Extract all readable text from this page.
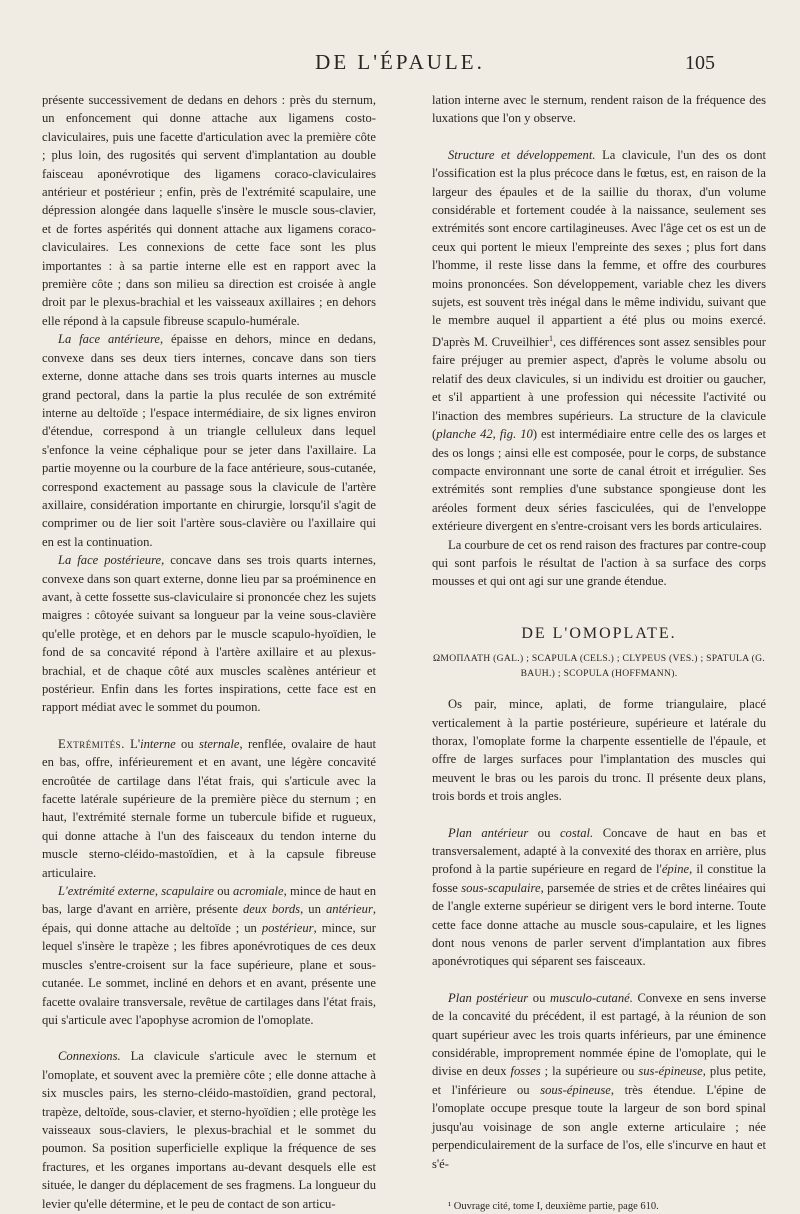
DE L'ÉPAULE.	105

présente successivement de dedans en dehors : près du sternum, un enfoncement qui donne attache aux ligamens costo-claviculaires, puis une facette d'articulation avec la première côte ; plus loin, des rugosités qui servent d'implantation au double faisceau aponévrotique des ligamens coraco-claviculaires antérieur et postérieur ; enfin, près de l'extrémité scapulaire, une dépression alongée dans laquelle s'insère le muscle sous-clavier, et de fortes aspérités qui donnent attache aux ligamens coraco-claviculaires. Les connexions de cette face sont les plus importantes : à sa partie interne elle est en rapport avec la première côte ; dans son milieu sa direction est croisée à angle droit par le plexus-brachial et les vaisseaux axillaires ; en dehors elle répond à la capsule fibreuse scapulo-humérale.

La face antérieure, épaisse en dehors, mince en dedans, convexe dans ses deux tiers internes, concave dans son tiers externe, donne attache dans ses trois quarts internes au muscle grand pectoral, dans la partie la plus reculée de son extrémité interne au deltoïde ; l'espace intermédiaire, de six lignes environ d'étendue, correspond à un triangle celluleux dans lequel s'enfonce la veine céphalique pour se jeter dans l'axillaire. La partie moyenne ou la courbure de la face antérieure, sous-cutanée, correspond exactement au passage sous la clavicule de l'artère axillaire, considération importante en chirurgie, lorsqu'il s'agit de comprimer ou de lier soit l'artère sous-clavière ou l'axillaire qui en est la continuation.

La face postérieure, concave dans ses trois quarts internes, convexe dans son quart externe, donne lieu par sa proéminence en avant, à cette fossette sus-claviculaire si prononcée chez les sujets maigres : côtoyée suivant sa longueur par la veine sous-clavière qu'elle protège, et en dehors par le muscle scapulo-hyoïdien, le fond de sa concavité répond à l'artère axillaire et au plexus-brachial, et de chaque côté aux muscles scalènes antérieur et postérieur. Enfin dans les fortes inspirations, cette face est en rapport médiat avec le sommet du poumon.

Extrémités. L'interne ou sternale, renflée, ovalaire de haut en bas, offre, inférieurement et en avant, une légère concavité encroûtée de cartilage dans l'état frais, qui s'articule avec la facette latérale supérieure de la première pièce du sternum ; en haut, l'extrémité sternale forme un tubercule bifide et rugueux, qui donne attache à l'un des faisceaux du tendon interne du muscle sterno-cléido-mastoïdien, et à la capsule fibreuse articulaire.

L'extrémité externe, scapulaire ou acromiale, mince de haut en bas, large d'avant en arrière, présente deux bords, un antérieur, épais, qui donne attache au deltoïde ; un postérieur, mince, sur lequel s'insère le trapèze ; les fibres aponévrotiques de ces deux muscles s'entre-croisent sur la face supérieure, plane et sous-cutanée. Le sommet, incliné en dehors et en avant, présente une facette ovalaire transversale, revêtue de cartilages dans l'état frais, qui s'articule avec l'apophyse acromion de l'omoplate.

Connexions. La clavicule s'articule avec le sternum et l'omoplate, et souvent avec la première côte ; elle donne attache à six muscles pairs, les sterno-cléido-mastoïdien, grand pectoral, trapèze, deltoïde, sous-clavier, et sterno-hyoïdien ; elle protège les vaisseaux sous-claviers, le plexus-brachial et le sommet du poumon. Sa position superficielle explique la fréquence de ses fractures, et les organes importans au-devant desquels elle est située, le danger du déplacement de ses fragmens. La longueur du levier qu'elle détermine, et le peu de contact de son articu-

lation interne avec le sternum, rendent raison de la fréquence des luxations que l'on y observe.

Structure et développement. La clavicule, l'un des os dont l'ossification est la plus précoce dans le fœtus, est, en raison de la largeur des épaules et de la saillie du thorax, d'un volume considérable et fortement coudée à la naissance, seulement ses extrémités sont encore cartilagineuses. Avec l'âge cet os est un de ceux qui portent le mieux l'empreinte des sexes ; plus fort dans l'homme, il reste lisse dans la femme, et offre des courbures moins prononcées. Son développement, variable chez les divers sujets, est souvent très inégal dans le même individu, suivant que le membre auquel il appartient a été plus ou moins exercé. D'après M. Cruveilhier$^1$, ces différences sont assez sensibles pour faire préjuger au premier aspect, d'après le volume absolu ou relatif des deux clavicules, si un individu est droitier ou gaucher, et s'il appartient à une profession qui nécessite l'activité ou l'inaction des membres supérieurs. La structure de la clavicule (planche 42, fig. 10) est intermédiaire entre celle des os larges et des os longs ; ainsi elle est composée, pour le corps, de substance compacte environnant une sorte de canal étroit et irrégulier. Ses extrémités sont remplies d'une substance spongieuse dont les aréoles forment deux séries fasciculées, qui de l'enveloppe extérieure divergent en s'entre-croisant vers les bords articulaires.

La courbure de cet os rend raison des fractures par contre-coup qui sont parfois le résultat de l'action à sa surface des corps mousses et qui ont agi sur une grande étendue.

DE L'OMOPLATE.
ΩΜΟΠΛΑΤΗ (GAL.) ; SCAPULA (CELS.) ; CLYPEUS (VES.) ; SPATULA (G. BAUH.) ; SCOPULA (HOFFMANN).

Os pair, mince, aplati, de forme triangulaire, placé verticalement à la partie postérieure, supérieure et latérale du thorax, l'omoplate forme la charpente essentielle de l'épaule, et offre de larges surfaces pour l'implantation des muscles qui meuvent le bras ou les parois du tronc. Il présente deux plans, trois bords et trois angles.

Plan antérieur ou costal. Concave de haut en bas et transversalement, adapté à la convexité des thorax en arrière, plus profond à la partie supérieure en regard de l'épine, il constitue la fosse sous-scapulaire, parsemée de stries et de crêtes linéaires qui de l'angle externe supérieur se dirigent vers le bord interne. Toute cette face donne attache au muscle sous-capulaire, et les lignes dont nous venons de parler servent d'implantation aux fibres aponévrotiques qui séparent ses faisceaux.

Plan postérieur ou musculo-cutané. Convexe en sens inverse de la concavité du précédent, il est partagé, à la réunion de son quart supérieur avec les trois quarts inférieurs, par une éminence considérable, improprement nommée épine de l'omoplate, qui le divise en deux fosses ; la supérieure ou sus-épineuse, plus petite, et l'inférieure ou sous-épineuse, très étendue. L'épine de l'omoplate occupe presque toute la largeur de son bord spinal jusqu'au voisinage de son angle externe articulaire ; née perpendiculairement de la surface de l'os, elle s'incurve en haut et s'é-

¹ Ouvrage cité, tome I, deuxième partie, page 610.
